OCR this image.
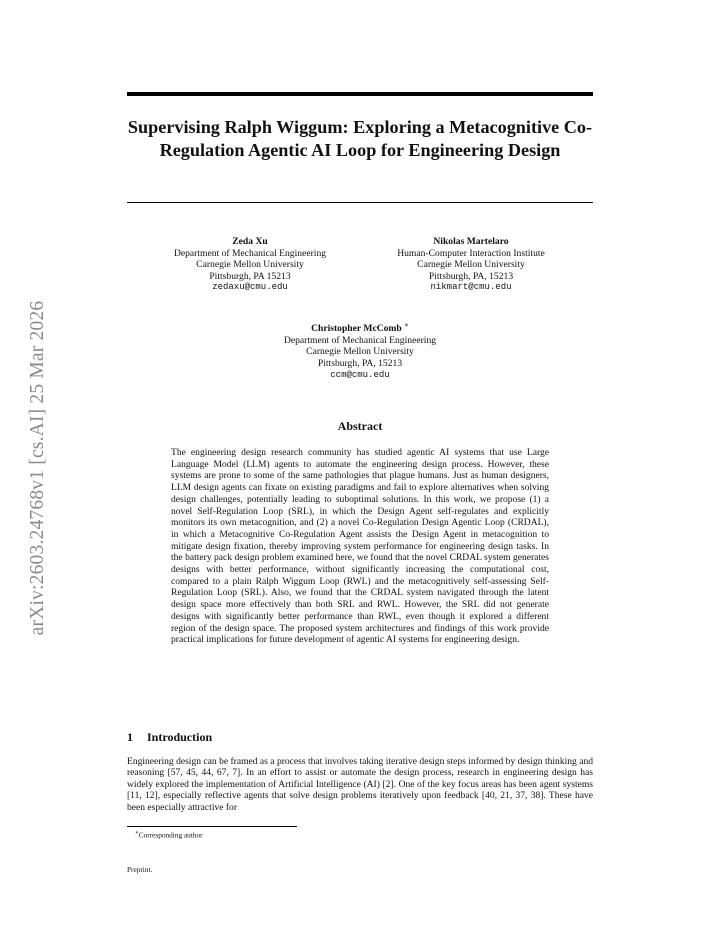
arXiv:2603.24768v1 [cs.AI] 25 Mar 2026
Supervising Ralph Wiggum: Exploring a Metacognitive Co-Regulation Agentic AI Loop for Engineering Design
Zeda Xu
Department of Mechanical Engineering
Carnegie Mellon University
Pittsburgh, PA 15213
zedaxu@cmu.edu
Nikolas Martelaro
Human-Computer Interaction Institute
Carnegie Mellon University
Pittsburgh, PA, 15213
nikmart@cmu.edu
Christopher McComb ∗
Department of Mechanical Engineering
Carnegie Mellon University
Pittsburgh, PA, 15213
ccm@cmu.edu
Abstract
The engineering design research community has studied agentic AI systems that use Large Language Model (LLM) agents to automate the engineering design process. However, these systems are prone to some of the same pathologies that plague humans. Just as human designers, LLM design agents can fixate on existing paradigms and fail to explore alternatives when solving design challenges, potentially leading to suboptimal solutions. In this work, we propose (1) a novel Self-Regulation Loop (SRL), in which the Design Agent self-regulates and explicitly monitors its own metacognition, and (2) a novel Co-Regulation Design Agentic Loop (CRDAL), in which a Metacognitive Co-Regulation Agent assists the Design Agent in metacognition to mitigate design fixation, thereby improving system performance for engineering design tasks. In the battery pack design problem examined here, we found that the novel CRDAL system generates designs with better performance, without significantly increasing the computational cost, compared to a plain Ralph Wiggum Loop (RWL) and the metacognitively self-assessing Self-Regulation Loop (SRL). Also, we found that the CRDAL system navigated through the latent design space more effectively than both SRL and RWL. However, the SRL did not generate designs with significantly better performance than RWL, even though it explored a different region of the design space. The proposed system architectures and findings of this work provide practical implications for future development of agentic AI systems for engineering design.
1 Introduction
Engineering design can be framed as a process that involves taking iterative design steps informed by design thinking and reasoning [57, 45, 44, 67, 7]. In an effort to assist or automate the design process, research in engineering design has widely explored the implementation of Artificial Intelligence (AI) [2]. One of the key focus areas has been agent systems [11, 12], especially reflective agents that solve design problems iteratively upon feedback [40, 21, 37, 38]. These have been especially attractive for
∗Corresponding author
Preprint.
